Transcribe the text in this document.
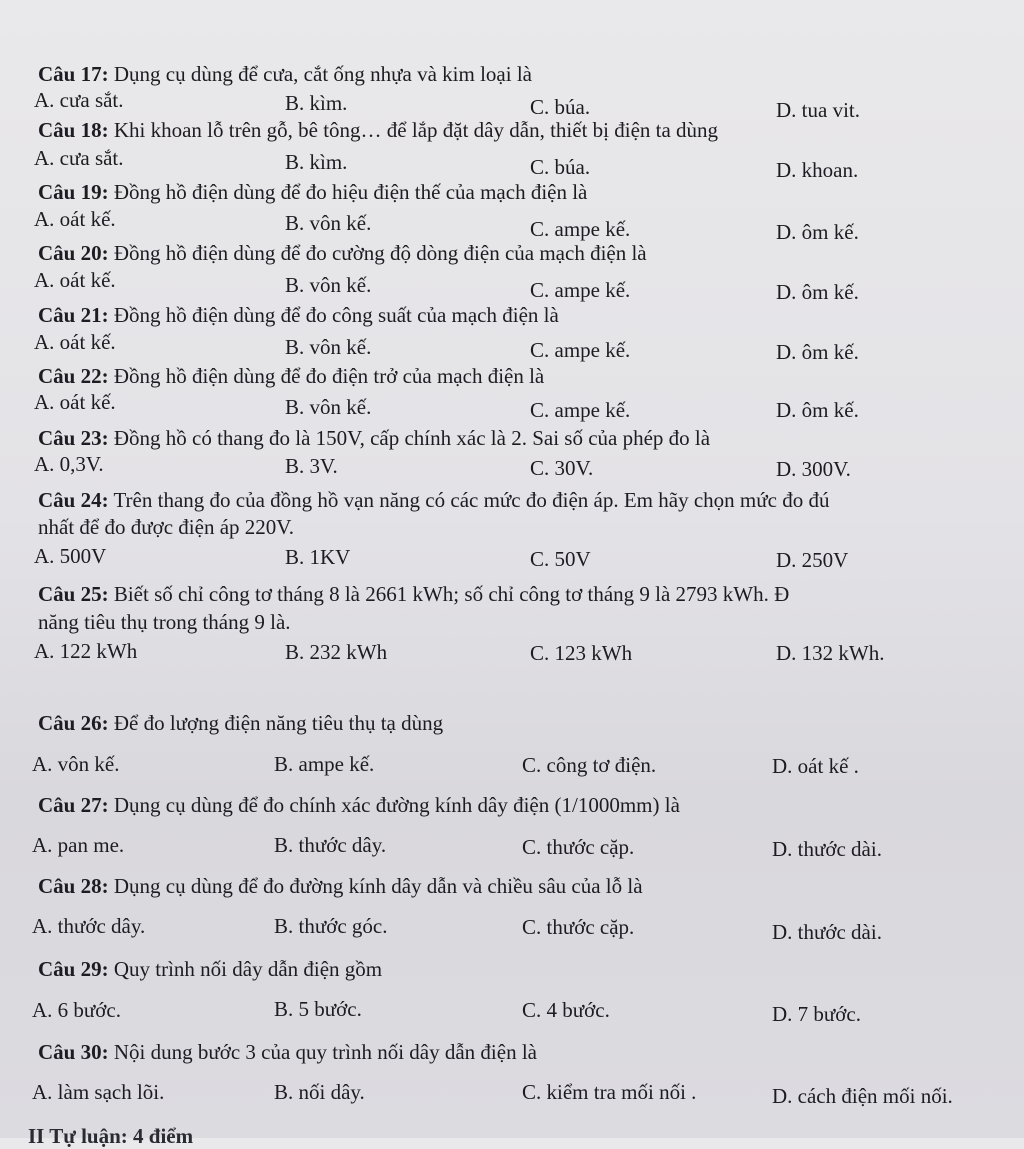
Câu 17: Dụng cụ dùng để cưa, cắt ống nhựa và kim loại là
A. cưa sắt.	B. kìm.	C. búa.	D. tua vit.
Câu 18: Khi khoan lỗ trên gỗ, bê tông… để lắp đặt dây dẫn, thiết bị điện ta dùng
A. cưa sắt.	B. kìm.	C. búa.	D. khoan.
Câu 19: Đồng hồ điện dùng để đo hiệu điện thế của mạch điện là
A. oát kế.	B. vôn kế.	C. ampe kế.	D. ôm kế.
Câu 20: Đồng hồ điện dùng để đo cường độ dòng điện của mạch điện là
A. oát kế.	B. vôn kế.	C. ampe kế.	D. ôm kế.
Câu 21: Đồng hồ điện dùng để đo công suất của mạch điện là
A. oát kế.	B. vôn kế.	C. ampe kế.	D. ôm kế.
Câu 22: Đồng hồ điện dùng để đo điện trở của mạch điện là
A. oát kế.	B. vôn kế.	C. ampe kế.	D. ôm kế.
Câu 23: Đồng hồ có thang đo là 150V, cấp chính xác là 2. Sai số của phép đo là
A. 0,3V.	B. 3V.	C. 30V.	D. 300V.
Câu 24: Trên thang đo của đồng hồ vạn năng có các mức đo điện áp. Em hãy chọn mức đo đú
nhất để đo được điện áp 220V.
A. 500V	B. 1KV	C. 50V	D. 250V
Câu 25: Biết số chỉ công tơ tháng 8 là 2661 kWh; số chỉ công tơ tháng 9 là 2793 kWh. Đ
năng tiêu thụ trong tháng 9 là.
A. 122 kWh	B. 232 kWh	C. 123 kWh	D. 132 kWh.
Câu 26: Để đo lượng điện năng tiêu thụ tạ dùng
A. vôn kế.	B. ampe kế.	C. công tơ điện.	D. oát kế .
Câu 27: Dụng cụ dùng để đo chính xác đường kính dây điện (1/1000mm) là
A. pan me.	B. thước dây.	C. thước cặp.	D. thước dài.
Câu 28: Dụng cụ dùng để đo đường kính dây dẫn và chiều sâu của lỗ là
A. thước dây.	B. thước góc.	C. thước cặp.	D. thước dài.
Câu 29: Quy trình nối dây dẫn điện gồm
A. 6 bước.	B. 5 bước.	C. 4 bước.	D. 7 bước.
Câu 30: Nội dung bước 3 của quy trình nối dây dẫn điện là
A. làm sạch lõi.	B. nối dây.	C. kiểm tra mối nối .	D. cách điện mối nối.
II Tự luận: 4 điểm
